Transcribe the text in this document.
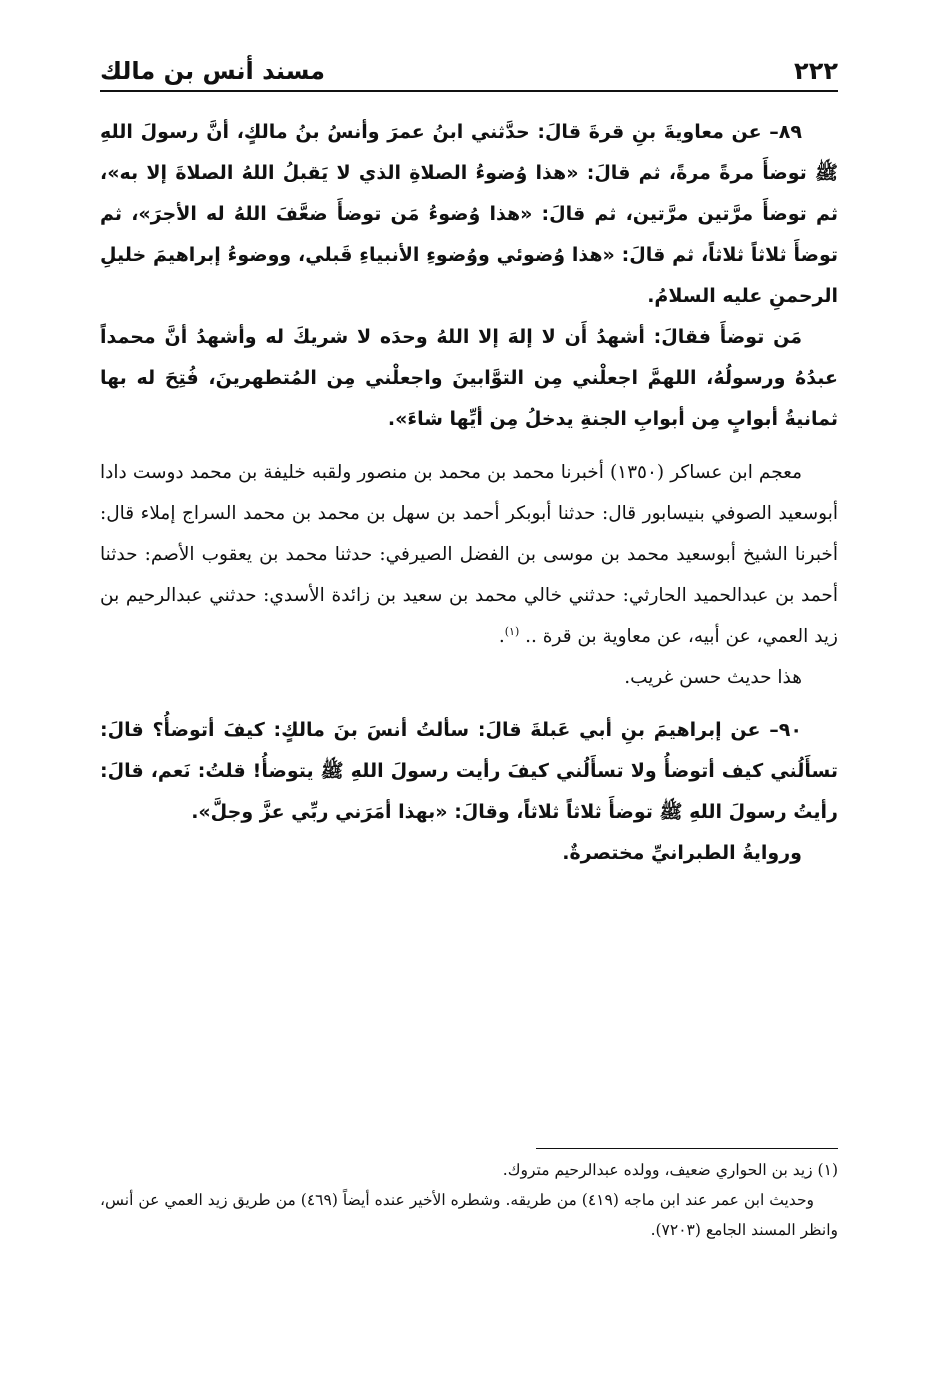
٢٢٢
مسند أنس بن مالك

٨٩– عن معاويةَ بنِ قرةَ قالَ: حدَّثني ابنُ عمرَ وأنسُ بنُ مالكٍ، أنَّ رسولَ اللهِ ﷺ توضأَ مرةً مرةً، ثم قالَ: «هذا وُضوءُ الصلاةِ الذي لا يَقبلُ اللهُ الصلاةَ إلا به»، ثم توضأَ مرَّتين مرَّتين، ثم قالَ: «هذا وُضوءُ مَن توضأَ ضعَّفَ اللهُ له الأجرَ»، ثم توضأَ ثلاثاً ثلاثاً، ثم قالَ: «هذا وُضوئي ووُضوءِ الأنبياءِ قَبلي، ووضوءُ إبراهيمَ خليلِ الرحمنِ عليه السلامُ.

مَن توضأَ فقالَ: أشهدُ أَن لا إلهَ إلا اللهُ وحدَه لا شريكَ له وأشهدُ أنَّ محمداً عبدُهُ ورسولُهُ، اللهمَّ اجعلْني مِن التوَّابينَ واجعلْني مِن المُتطهرينَ، فُتِحَ له بها ثمانيةُ أبوابٍ مِن أبوابِ الجنةِ يدخلُ مِن أيِّها شاءَ».

معجم ابن عساكر (١٣٥٠) أخبرنا محمد بن محمد بن منصور ولقبه خليفة بن محمد دوست دادا أبوسعيد الصوفي بنيسابور قال: حدثنا أبوبكر أحمد بن سهل بن محمد بن محمد السراج إملاء قال: أخبرنا الشيخ أبوسعيد محمد بن موسى بن الفضل الصيرفي: حدثنا محمد بن يعقوب الأصم: حدثنا أحمد بن عبدالحميد الحارثي: حدثني خالي محمد بن سعيد بن زائدة الأسدي: حدثني عبدالرحيم بن زيد العمي، عن أبيه، عن معاوية بن قرة .. $^{(١)}$.

هذا حديث حسن غريب.

٩٠– عن إبراهيمَ بنِ أبي عَبلةَ قالَ: سألتُ أنسَ بنَ مالكٍ: كيفَ أتوضأُ؟ قالَ: تسأَلُني كيف أتوضأُ ولا تسأَلُني كيفَ رأيت رسولَ اللهِ ﷺ يتوضأُ! قلتُ: نَعم، قالَ: رأيتُ رسولَ اللهِ ﷺ توضأَ ثلاثاً ثلاثاً، وقالَ: «بهذا أمَرَني ربِّي عزَّ وجلَّ».

وروايةُ الطبرانيِّ مختصرةٌ.

(١) زيد بن الحواري ضعيف، وولده عبدالرحيم متروك.

وحديث ابن عمر عند ابن ماجه (٤١٩) من طريقه. وشطره الأخير عنده أيضاً (٤٦٩) من طريق زيد العمي عن أنس، وانظر المسند الجامع (٧٢٠٣).
